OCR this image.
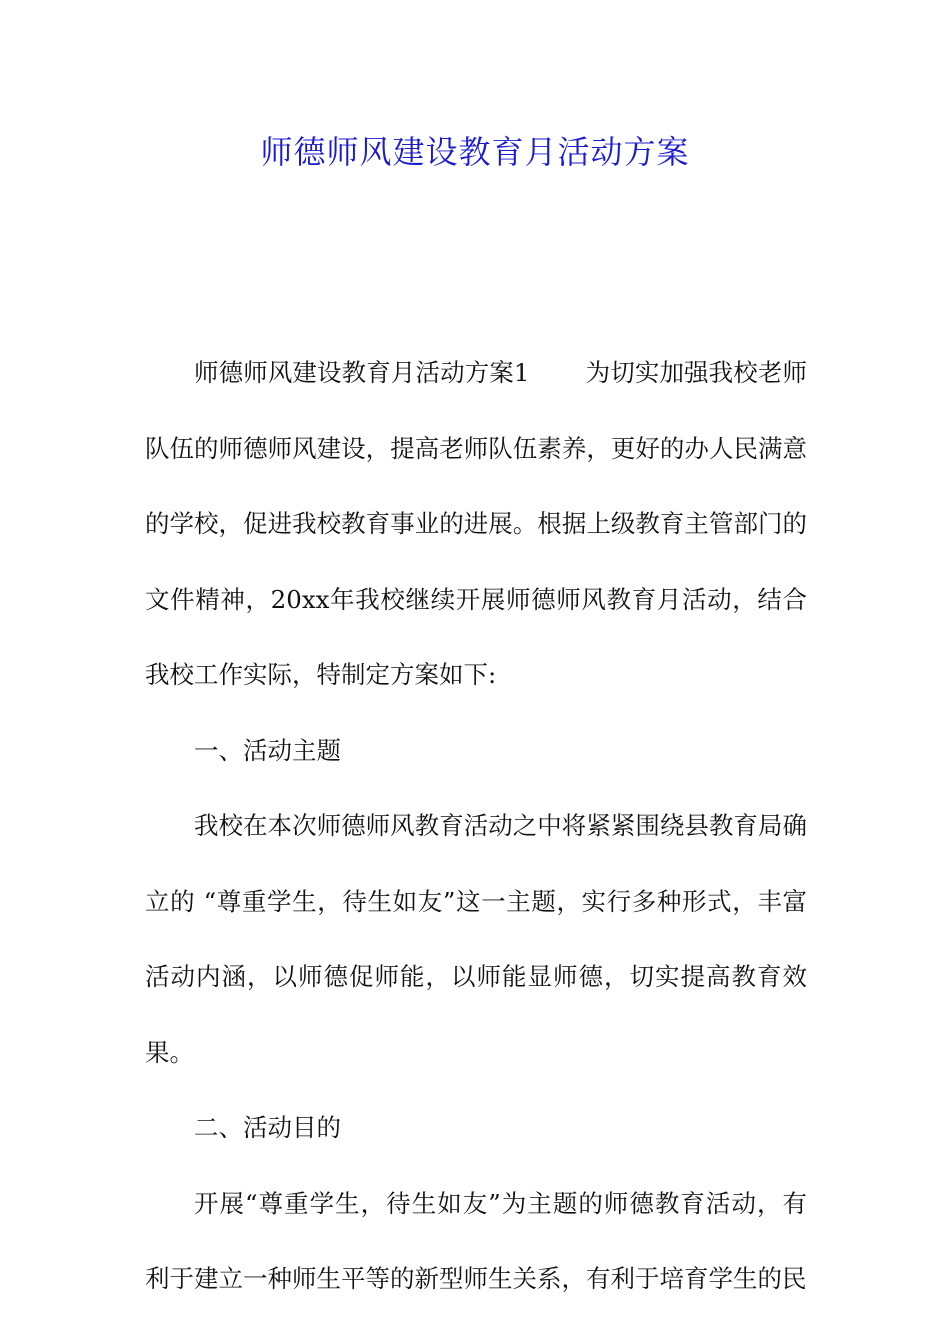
师德师风建设教育月活动方案

师德师风建设教育月活动方案1 为切实加强我校老师队伍的师德师风建设，提高老师队伍素养，更好的办人民满意的学校，促进我校教育事业的进展。根据上级教育主管部门的文件精神，20xx年我校继续开展师德师风教育月活动，结合我校工作实际，特制定方案如下:

一、活动主题

我校在本次师德师风教育活动之中将紧紧围绕县教育局确立的 “尊重学生，待生如友”这一主题，实行多种形式，丰富活动内涵，以师德促师能，以师能显师德，切实提高教育效果。

二、活动目的

开展“尊重学生，待生如友”为主题的师德教育活动，有利于建立一种师生平等的新型师生关系，有利于培育学生的民
